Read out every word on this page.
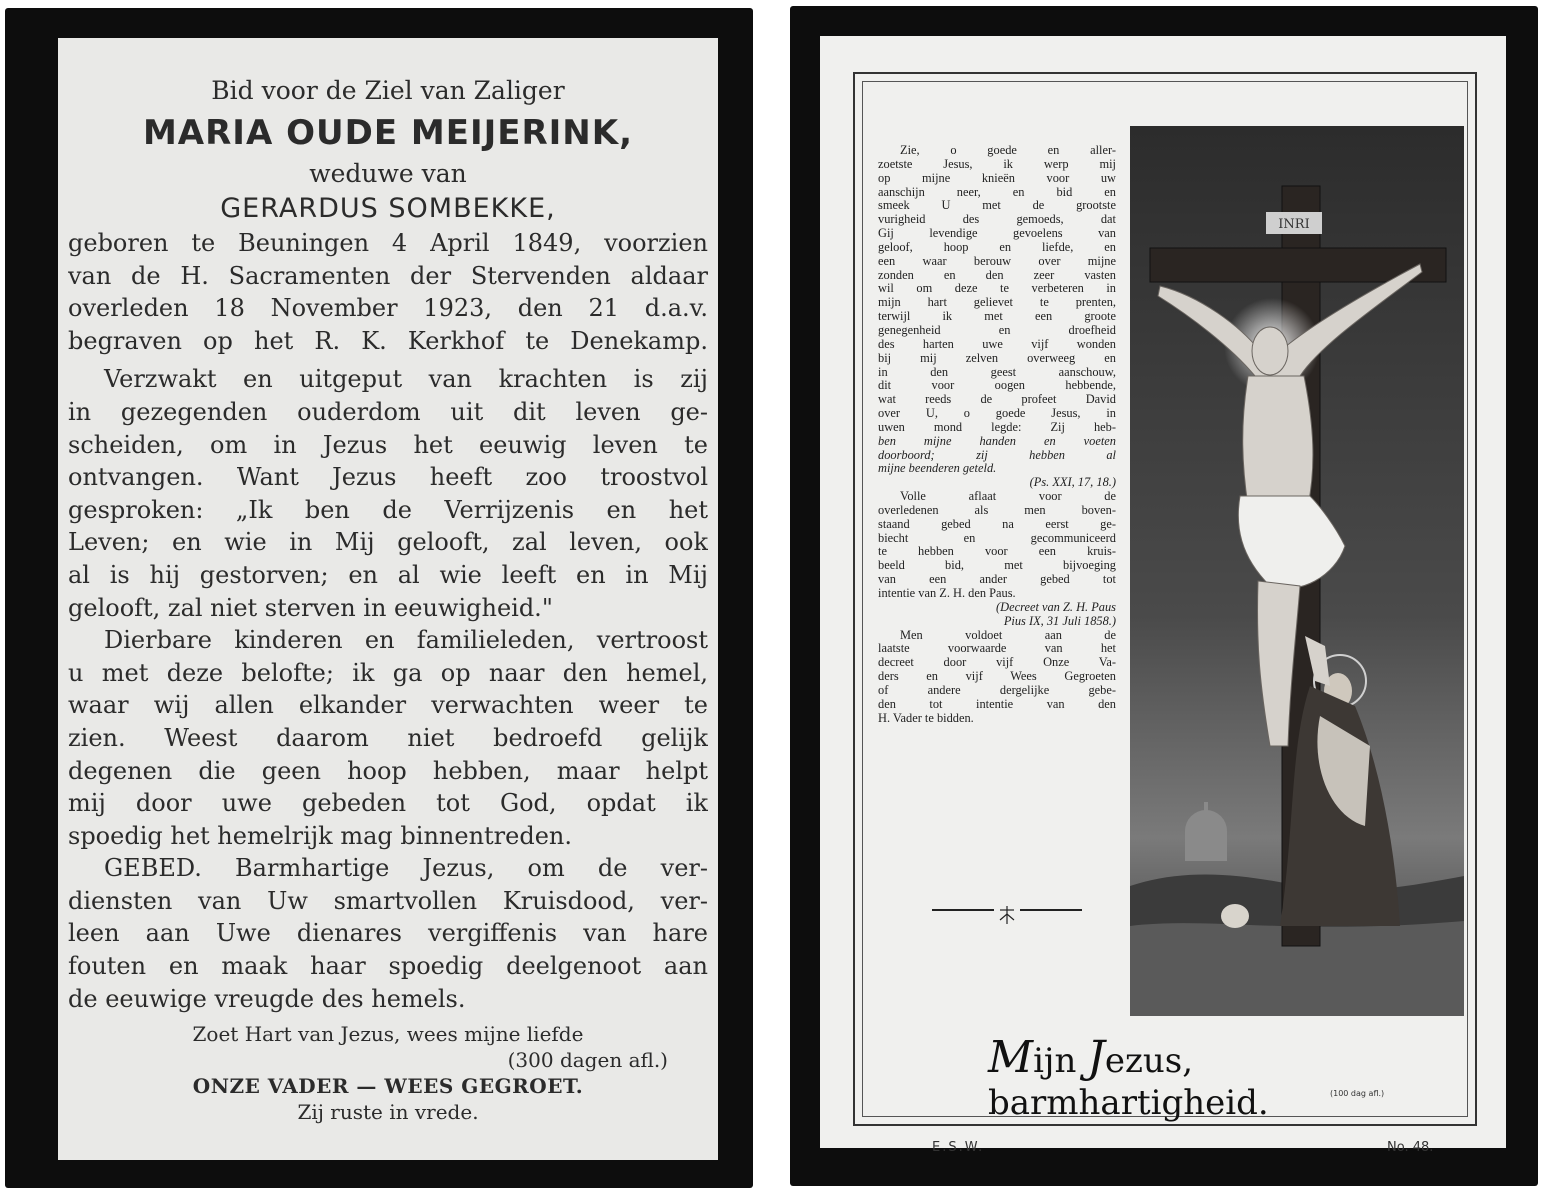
Bid voor de Ziel van Zaliger
MARIA OUDE MEIJERINK,
weduwe van
GERARDUS SOMBEKKE,
geboren te Beuningen 4 April 1849, voorzien
van de H. Sacramenten der Stervenden aldaar
overleden 18 November 1923, den 21 d.a.v.
begraven op het R. K. Kerkhof te Denekamp.
Verzwakt en uitgeput van krachten is zij
in gezegenden ouderdom uit dit leven ge-
scheiden, om in Jezus het eeuwig leven te
ontvangen. Want Jezus heeft zoo troostvol
gesproken: „Ik ben de Verrijzenis en het
Leven; en wie in Mij gelooft, zal leven, ook
al is hij gestorven; en al wie leeft en in Mij
gelooft, zal niet sterven in eeuwigheid."
Dierbare kinderen en familieleden, vertroost
u met deze belofte; ik ga op naar den hemel,
waar wij allen elkander verwachten weer te
zien. Weest daarom niet bedroefd gelijk
degenen die geen hoop hebben, maar helpt
mij door uwe gebeden tot God, opdat ik
spoedig het hemelrijk mag binnentreden.
GEBED. Barmhartige Jezus, om de ver-
diensten van Uw smartvollen Kruisdood, ver-
leen aan Uwe dienares vergiffenis van hare
fouten en maak haar spoedig deelgenoot aan
de eeuwige vreugde des hemels.
Zoet Hart van Jezus, wees mijne liefde
(300 dagen afl.)
ONZE VADER — WEES GEGROET.
Zij ruste in vrede.
Zie, o goede en aller-
zoetste Jesus, ik werp mij
op mijne knieën voor uw
aanschijn neer, en bid en
smeek U met de grootste
vurigheid des gemoeds, dat
Gij levendige gevoelens van
geloof, hoop en liefde, en
een waar berouw over mijne
zonden en den zeer vasten
wil om deze te verbeteren in
mijn hart gelievet te prenten,
terwijl ik met een groote
genegenheid en droefheid
des harten uwe vijf wonden
bij mij zelven overweeg en
in den geest aanschouw,
dit voor oogen hebbende,
wat reeds de profeet David
over U, o goede Jesus, in
uwen mond legde: Zij heb-
ben mijne handen en voeten
doorboord; zij hebben al
mijne beenderen geteld.
(Ps. XXI, 17, 18.)
Volle aflaat voor de
overledenen als men boven-
staand gebed na eerst ge-
biecht en gecommuniceerd
te hebben voor een kruis-
beeld bid, met bijvoeging
van een ander gebed tot
intentie van Z. H. den Paus.
(Decreet van Z. H. Paus
Pius IX, 31 Juli 1858.)
Men voldoet aan de
laatste voorwaarde van het
decreet door vijf Onze Va-
ders en vijf Wees Gegroeten
of andere dergelijke gebe-
den tot intentie van den
H. Vader te bidden.
INRI
Mijn Jezus, barmhartigheid.	(100 dag afl.)
E.S.W.	No. 48.
